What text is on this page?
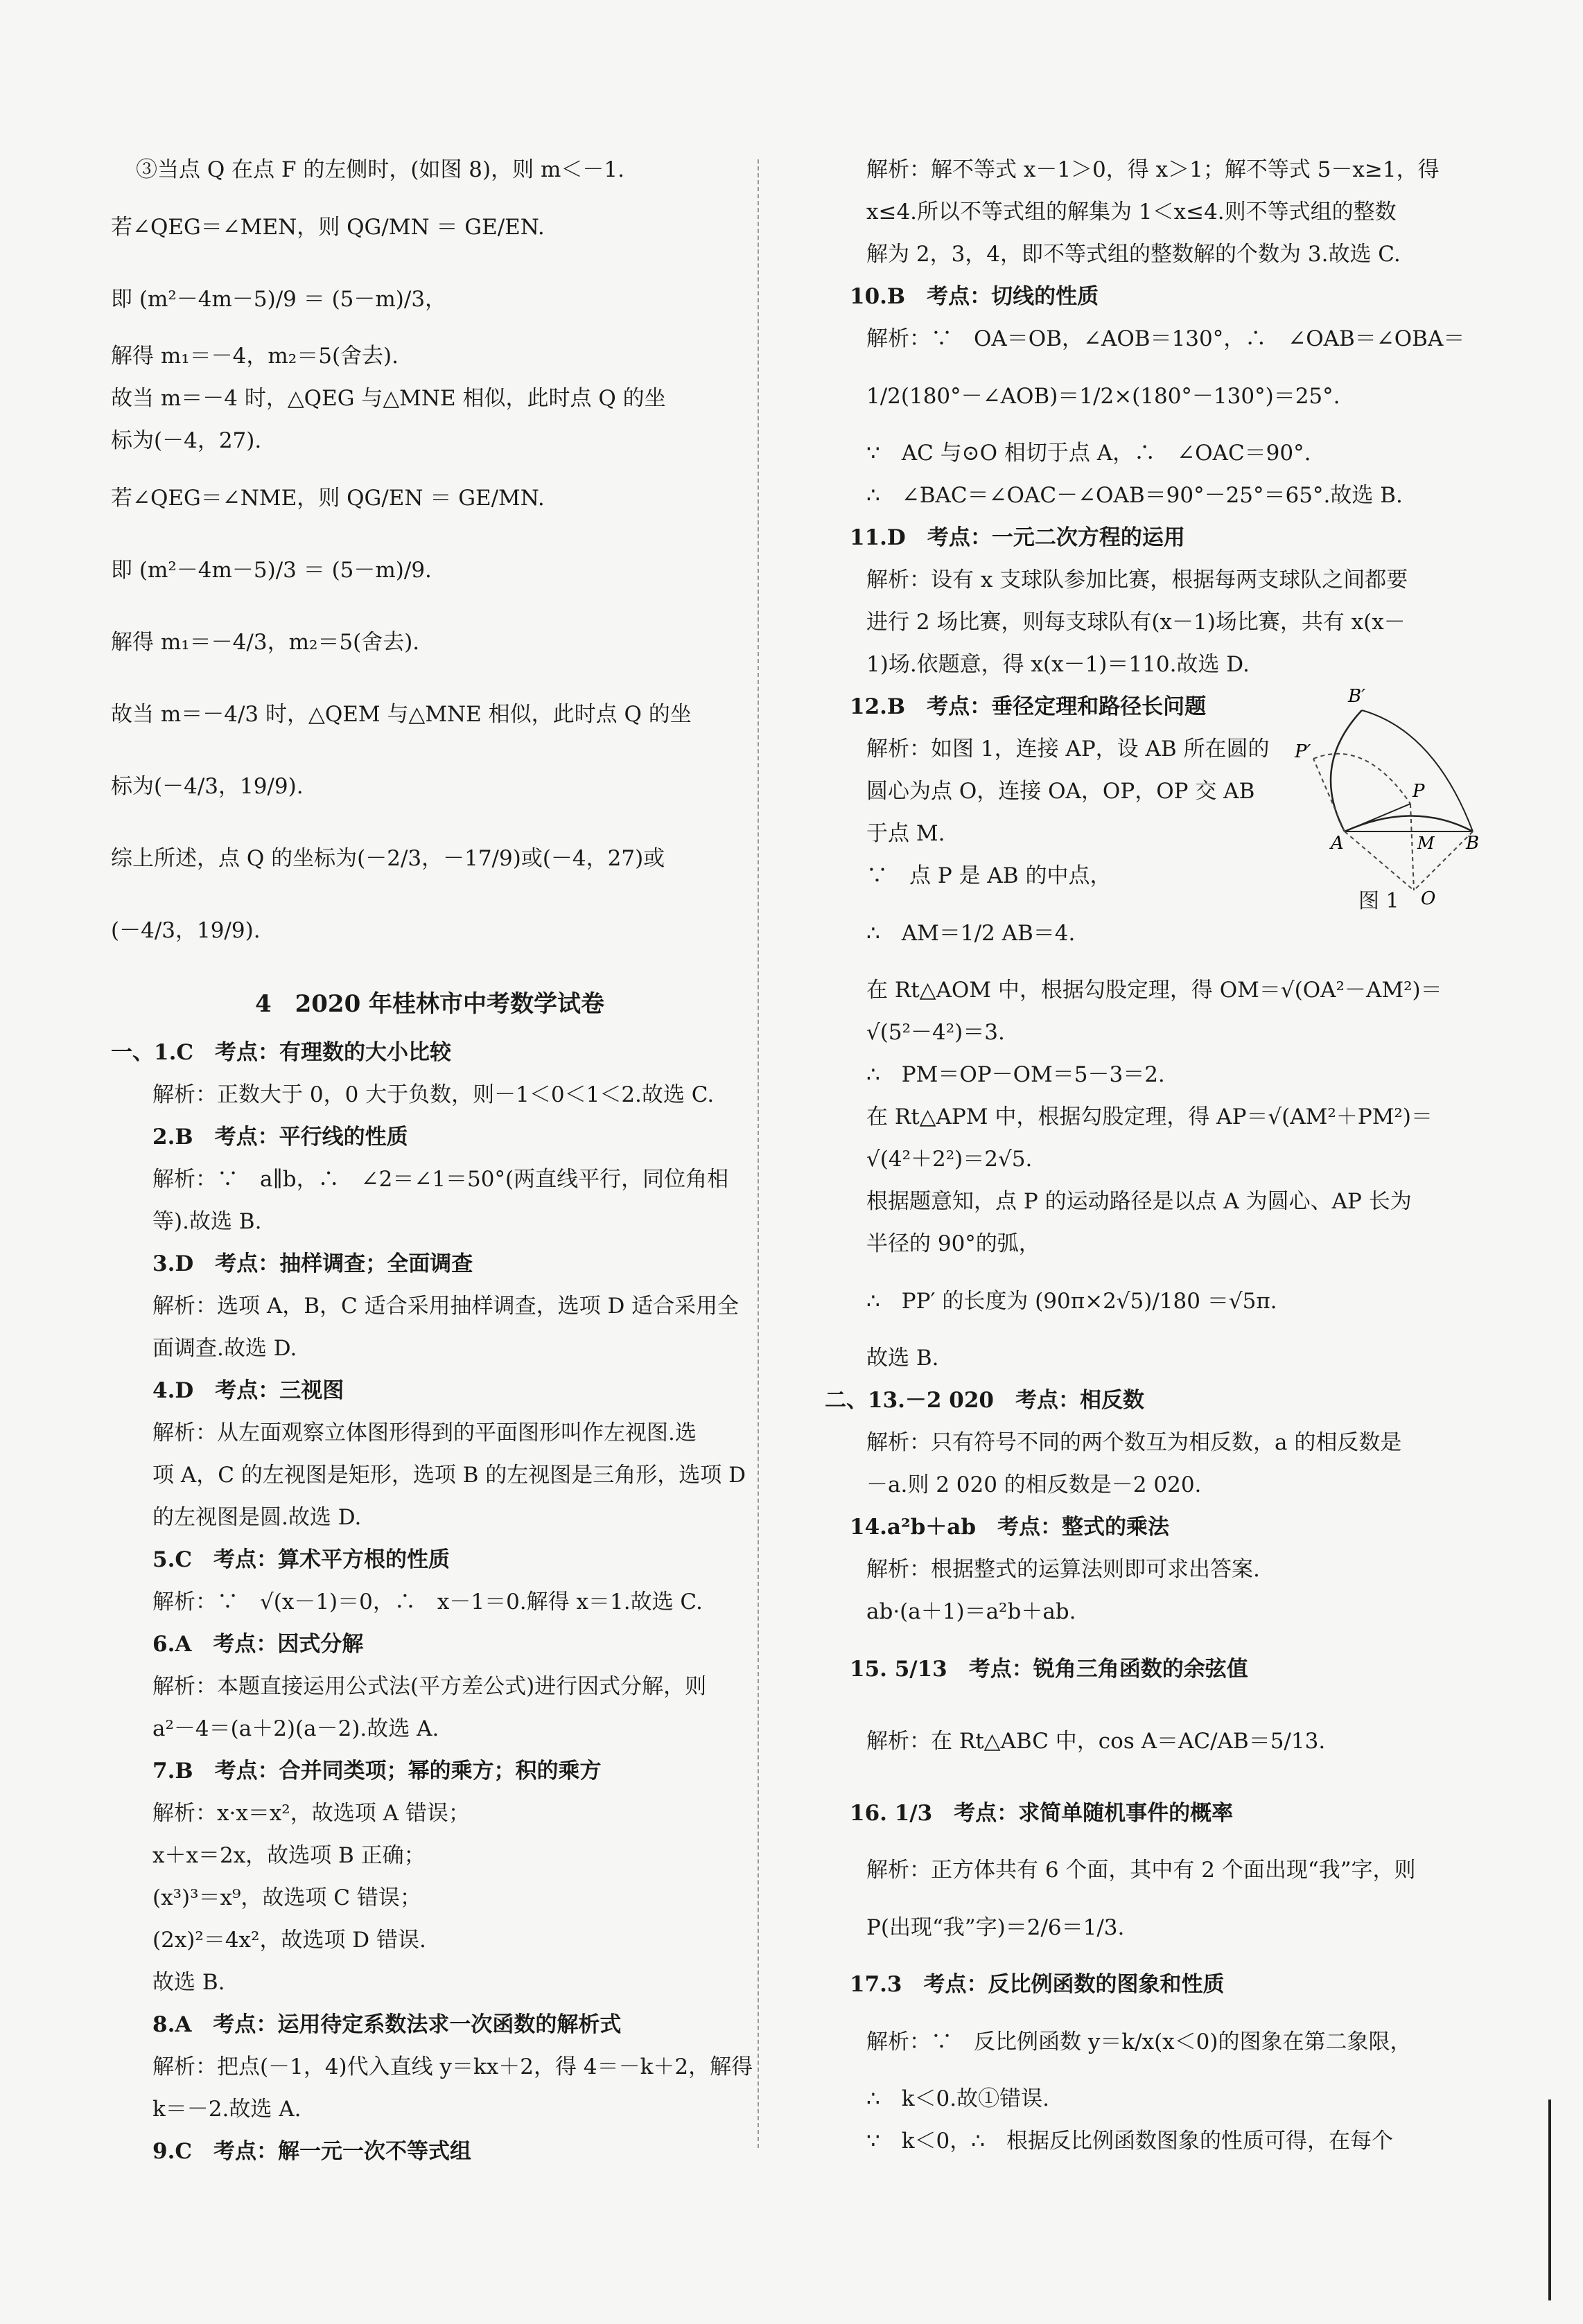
③当点 Q 在点 F 的左侧时，(如图 8)，则 m＜－1.
若∠QEG＝∠MEN，则 QG/MN ＝ GE/EN.
即 (m²－4m－5)/9 ＝ (5－m)/3，
解得 m₁＝－4，m₂＝5(舍去).
故当 m＝－4 时，△QEG 与△MNE 相似，此时点 Q 的坐
标为(－4，27).
若∠QEG＝∠NME，则 QG/EN ＝ GE/MN.
即 (m²－4m－5)/3 ＝ (5－m)/9.
解得 m₁＝－4/3，m₂＝5(舍去).
故当 m＝－4/3 时，△QEM 与△MNE 相似，此时点 Q 的坐
标为(－4/3，19/9).
综上所述，点 Q 的坐标为(－2/3，－17/9)或(－4，27)或
(－4/3，19/9).
4　2020 年桂林市中考数学试卷
一、1.C　考点：有理数的大小比较
解析：正数大于 0，0 大于负数，则－1＜0＜1＜2.故选 C.
2.B　考点：平行线的性质
解析：∵　a∥b，∴　∠2＝∠1＝50°(两直线平行，同位角相
等).故选 B.
3.D　考点：抽样调查；全面调查
解析：选项 A，B，C 适合采用抽样调查，选项 D 适合采用全
面调查.故选 D.
4.D　考点：三视图
解析：从左面观察立体图形得到的平面图形叫作左视图.选
项 A，C 的左视图是矩形，选项 B 的左视图是三角形，选项 D
的左视图是圆.故选 D.
5.C　考点：算术平方根的性质
解析：∵　√(x－1)＝0，∴　x－1＝0.解得 x＝1.故选 C.
6.A　考点：因式分解
解析：本题直接运用公式法(平方差公式)进行因式分解，则
a²－4＝(a＋2)(a－2).故选 A.
7.B　考点：合并同类项；幂的乘方；积的乘方
解析：x·x＝x²，故选项 A 错误；
x＋x＝2x，故选项 B 正确；
(x³)³＝x⁹，故选项 C 错误；
(2x)²＝4x²，故选项 D 错误.
故选 B.
8.A　考点：运用待定系数法求一次函数的解析式
解析：把点(－1，4)代入直线 y＝kx＋2，得 4＝－k＋2，解得
k＝－2.故选 A.
9.C　考点：解一元一次不等式组
解析：解不等式 x－1＞0，得 x＞1；解不等式 5－x≥1，得
x≤4.所以不等式组的解集为 1＜x≤4.则不等式组的整数
解为 2，3，4，即不等式组的整数解的个数为 3.故选 C.
10.B　考点：切线的性质
解析：∵　OA＝OB，∠AOB＝130°，∴　∠OAB＝∠OBA＝
1/2(180°－∠AOB)＝1/2×(180°－130°)＝25°.
∵　AC 与⊙O 相切于点 A，∴　∠OAC＝90°.
∴　∠BAC＝∠OAC－∠OAB＝90°－25°＝65°.故选 B.
11.D　考点：一元二次方程的运用
解析：设有 x 支球队参加比赛，根据每两支球队之间都要
进行 2 场比赛，则每支球队有(x－1)场比赛，共有 x(x－
1)场.依题意，得 x(x－1)＝110.故选 D.
12.B　考点：垂径定理和路径长问题
解析：如图 1，连接 AP，设 AB 所在圆的
圆心为点 O，连接 OA，OP，OP 交 AB
于点 M.
∵　点 P 是 AB 的中点，
∴　AM＝1/2 AB＝4.
在 Rt△AOM 中，根据勾股定理，得 OM＝√(OA²－AM²)＝
√(5²－4²)＝3.
∴　PM＝OP－OM＝5－3＝2.
在 Rt△APM 中，根据勾股定理，得 AP＝√(AM²＋PM²)＝
√(4²＋2²)＝2√5.
根据题意知，点 P 的运动路径是以点 A 为圆心、AP 长为
半径的 90°的弧，
∴　PP′ 的长度为 (90π×2√5)/180 ＝√5π.
故选 B.
二、13.－2 020　考点：相反数
解析：只有符号不同的两个数互为相反数，a 的相反数是
－a.则 2 020 的相反数是－2 020.
14.a²b＋ab　考点：整式的乘法
解析：根据整式的运算法则即可求出答案.
ab·(a＋1)＝a²b＋ab.
15. 5/13　考点：锐角三角函数的余弦值
解析：在 Rt△ABC 中，cos A＝AC/AB＝5/13.
16. 1/3　考点：求简单随机事件的概率
解析：正方体共有 6 个面，其中有 2 个面出现“我”字，则
P(出现“我”字)＝2/6＝1/3.
17.3　考点：反比例函数的图象和性质
解析：∵　反比例函数 y＝k/x(x＜0)的图象在第二象限，
∴　k＜0.故①错误.
∵　k＜0，∴　根据反比例函数图象的性质可得，在每个
B′
P′
P
A	M B
O
图 1
